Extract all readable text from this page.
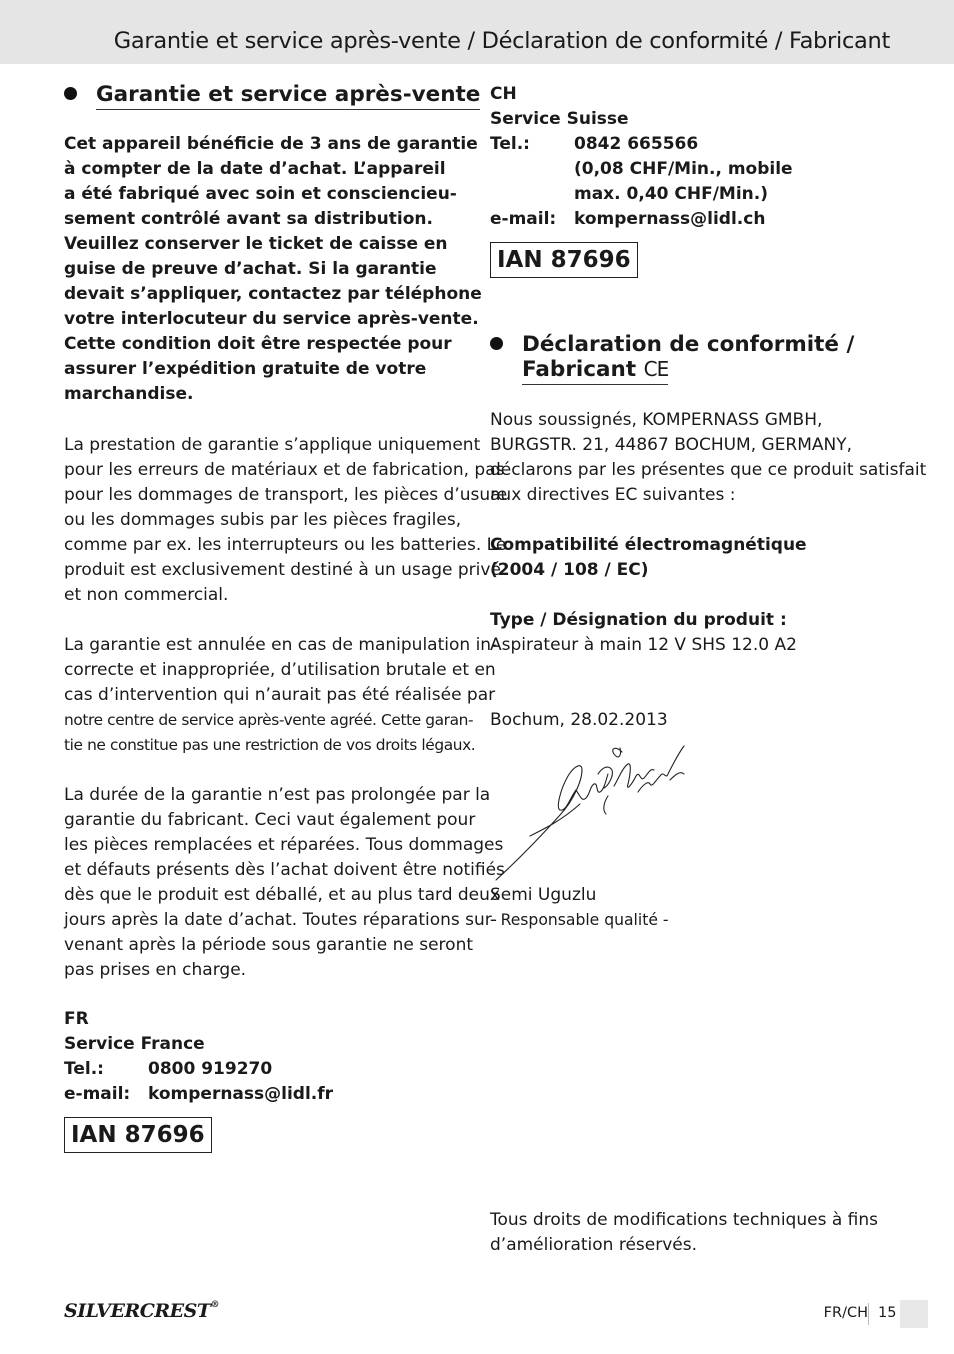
Garantie et service après-vente / Déclaration de conformité / Fabricant
Garantie et service après-vente
Cet appareil bénéficie de 3 ans de garantie
à compter de la date d’achat. L’appareil
a été fabriqué avec soin et consciencieu-
sement contrôlé avant sa distribution.
Veuillez conserver le ticket de caisse en
guise de preuve d’achat. Si la garantie
devait s’appliquer, contactez par téléphone
votre interlocuteur du service après-vente.
Cette condition doit être respectée pour
assurer l’expédition gratuite de votre
marchandise.
La prestation de garantie s’applique uniquement
pour les erreurs de matériaux et de fabrication, pas
pour les dommages de transport, les pièces d’usure
ou les dommages subis par les pièces fragiles,
comme par ex. les interrupteurs ou les batteries. Le
produit est exclusivement destiné à un usage privé
et non commercial.
La garantie est annulée en cas de manipulation in-
correcte et inappropriée, d’utilisation brutale et en
cas d’intervention qui n’aurait pas été réalisée par
notre centre de service après-vente agréé. Cette garan-
tie ne constitue pas une restriction de vos droits légaux.
La durée de la garantie n’est pas prolongée par la
garantie du fabricant. Ceci vaut également pour
les pièces remplacées et réparées. Tous dommages
et défauts présents dès l’achat doivent être notifiés
dès que le produit est déballé, et au plus tard deux
jours après la date d’achat. Toutes réparations sur-
venant après la période sous garantie ne seront
pas prises en charge.
FR
Service France
Tel.:	0800 919270
e-mail: kompernass@lidl.fr
IAN 87696
CH
Service Suisse
Tel.:	0842 665566
(0,08 CHF/Min., mobile
max. 0,40 CHF/Min.)
e-mail: kompernass@lidl.ch
IAN 87696
Déclaration de conformité /
Fabricant CE
Nous soussignés, KOMPERNASS GMBH,
BURGSTR. 21, 44867 BOCHUM, GERMANY,
déclarons par les présentes que ce produit satisfait
aux directives EC suivantes :
Compatibilité électromagnétique
(2004 / 108 / EC)
Type / Désignation du produit :
Aspirateur à main 12 V SHS 12.0 A2
Bochum, 28.02.2013
Semi Uguzlu
- Responsable qualité -
Tous droits de modifications techniques à fins
d’amélioration réservés.
SILVERCREST®	FR/CH 15
